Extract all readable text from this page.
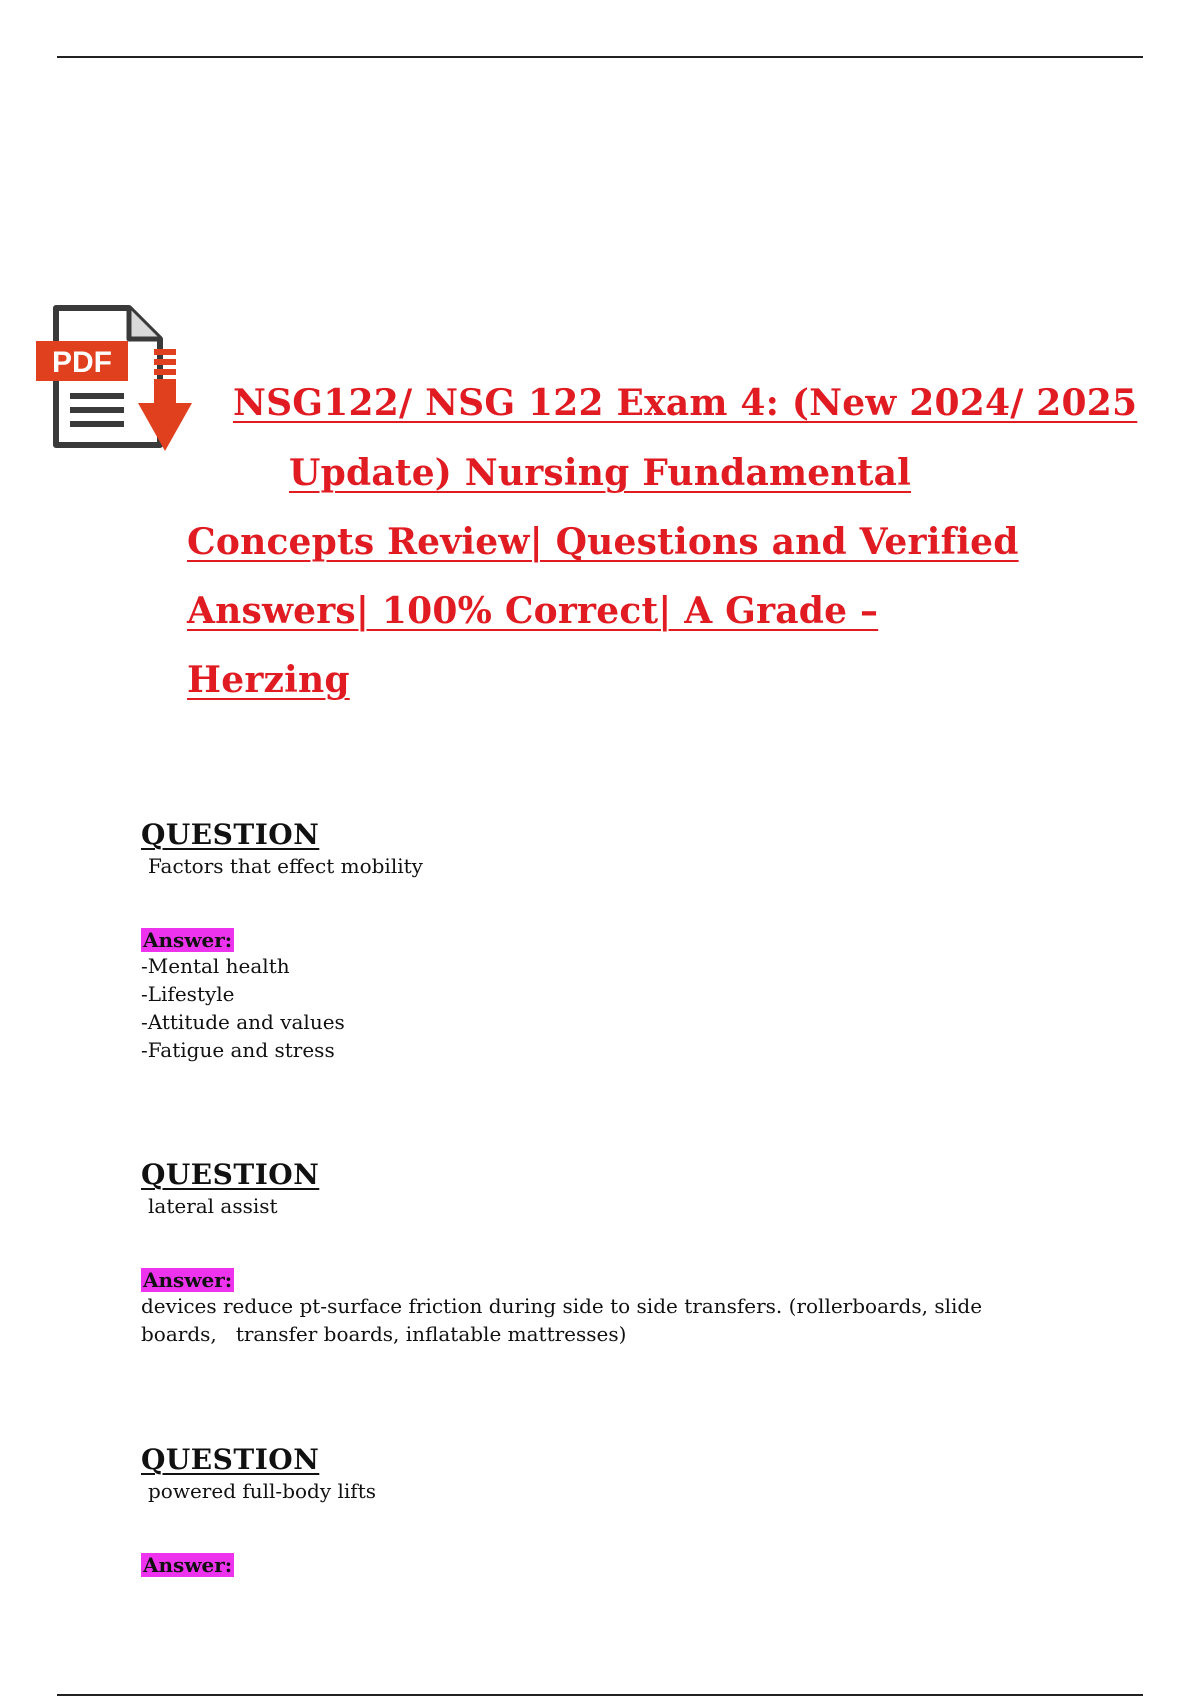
PDF
NSG122/ NSG 122 Exam 4: (New 2024/ 2025
Update) Nursing Fundamental
Concepts Review| Questions and Verified
Answers| 100% Correct| A Grade –
Herzing
QUESTION
Factors that effect mobility
Answer:
-Mental health
-Lifestyle
-Attitude and values
-Fatigue and stress
QUESTION
lateral assist
Answer:
devices reduce pt-surface friction during side to side transfers. (rollerboards, slide
boards,   transfer boards, inflatable mattresses)
QUESTION
powered full-body lifts
Answer:
